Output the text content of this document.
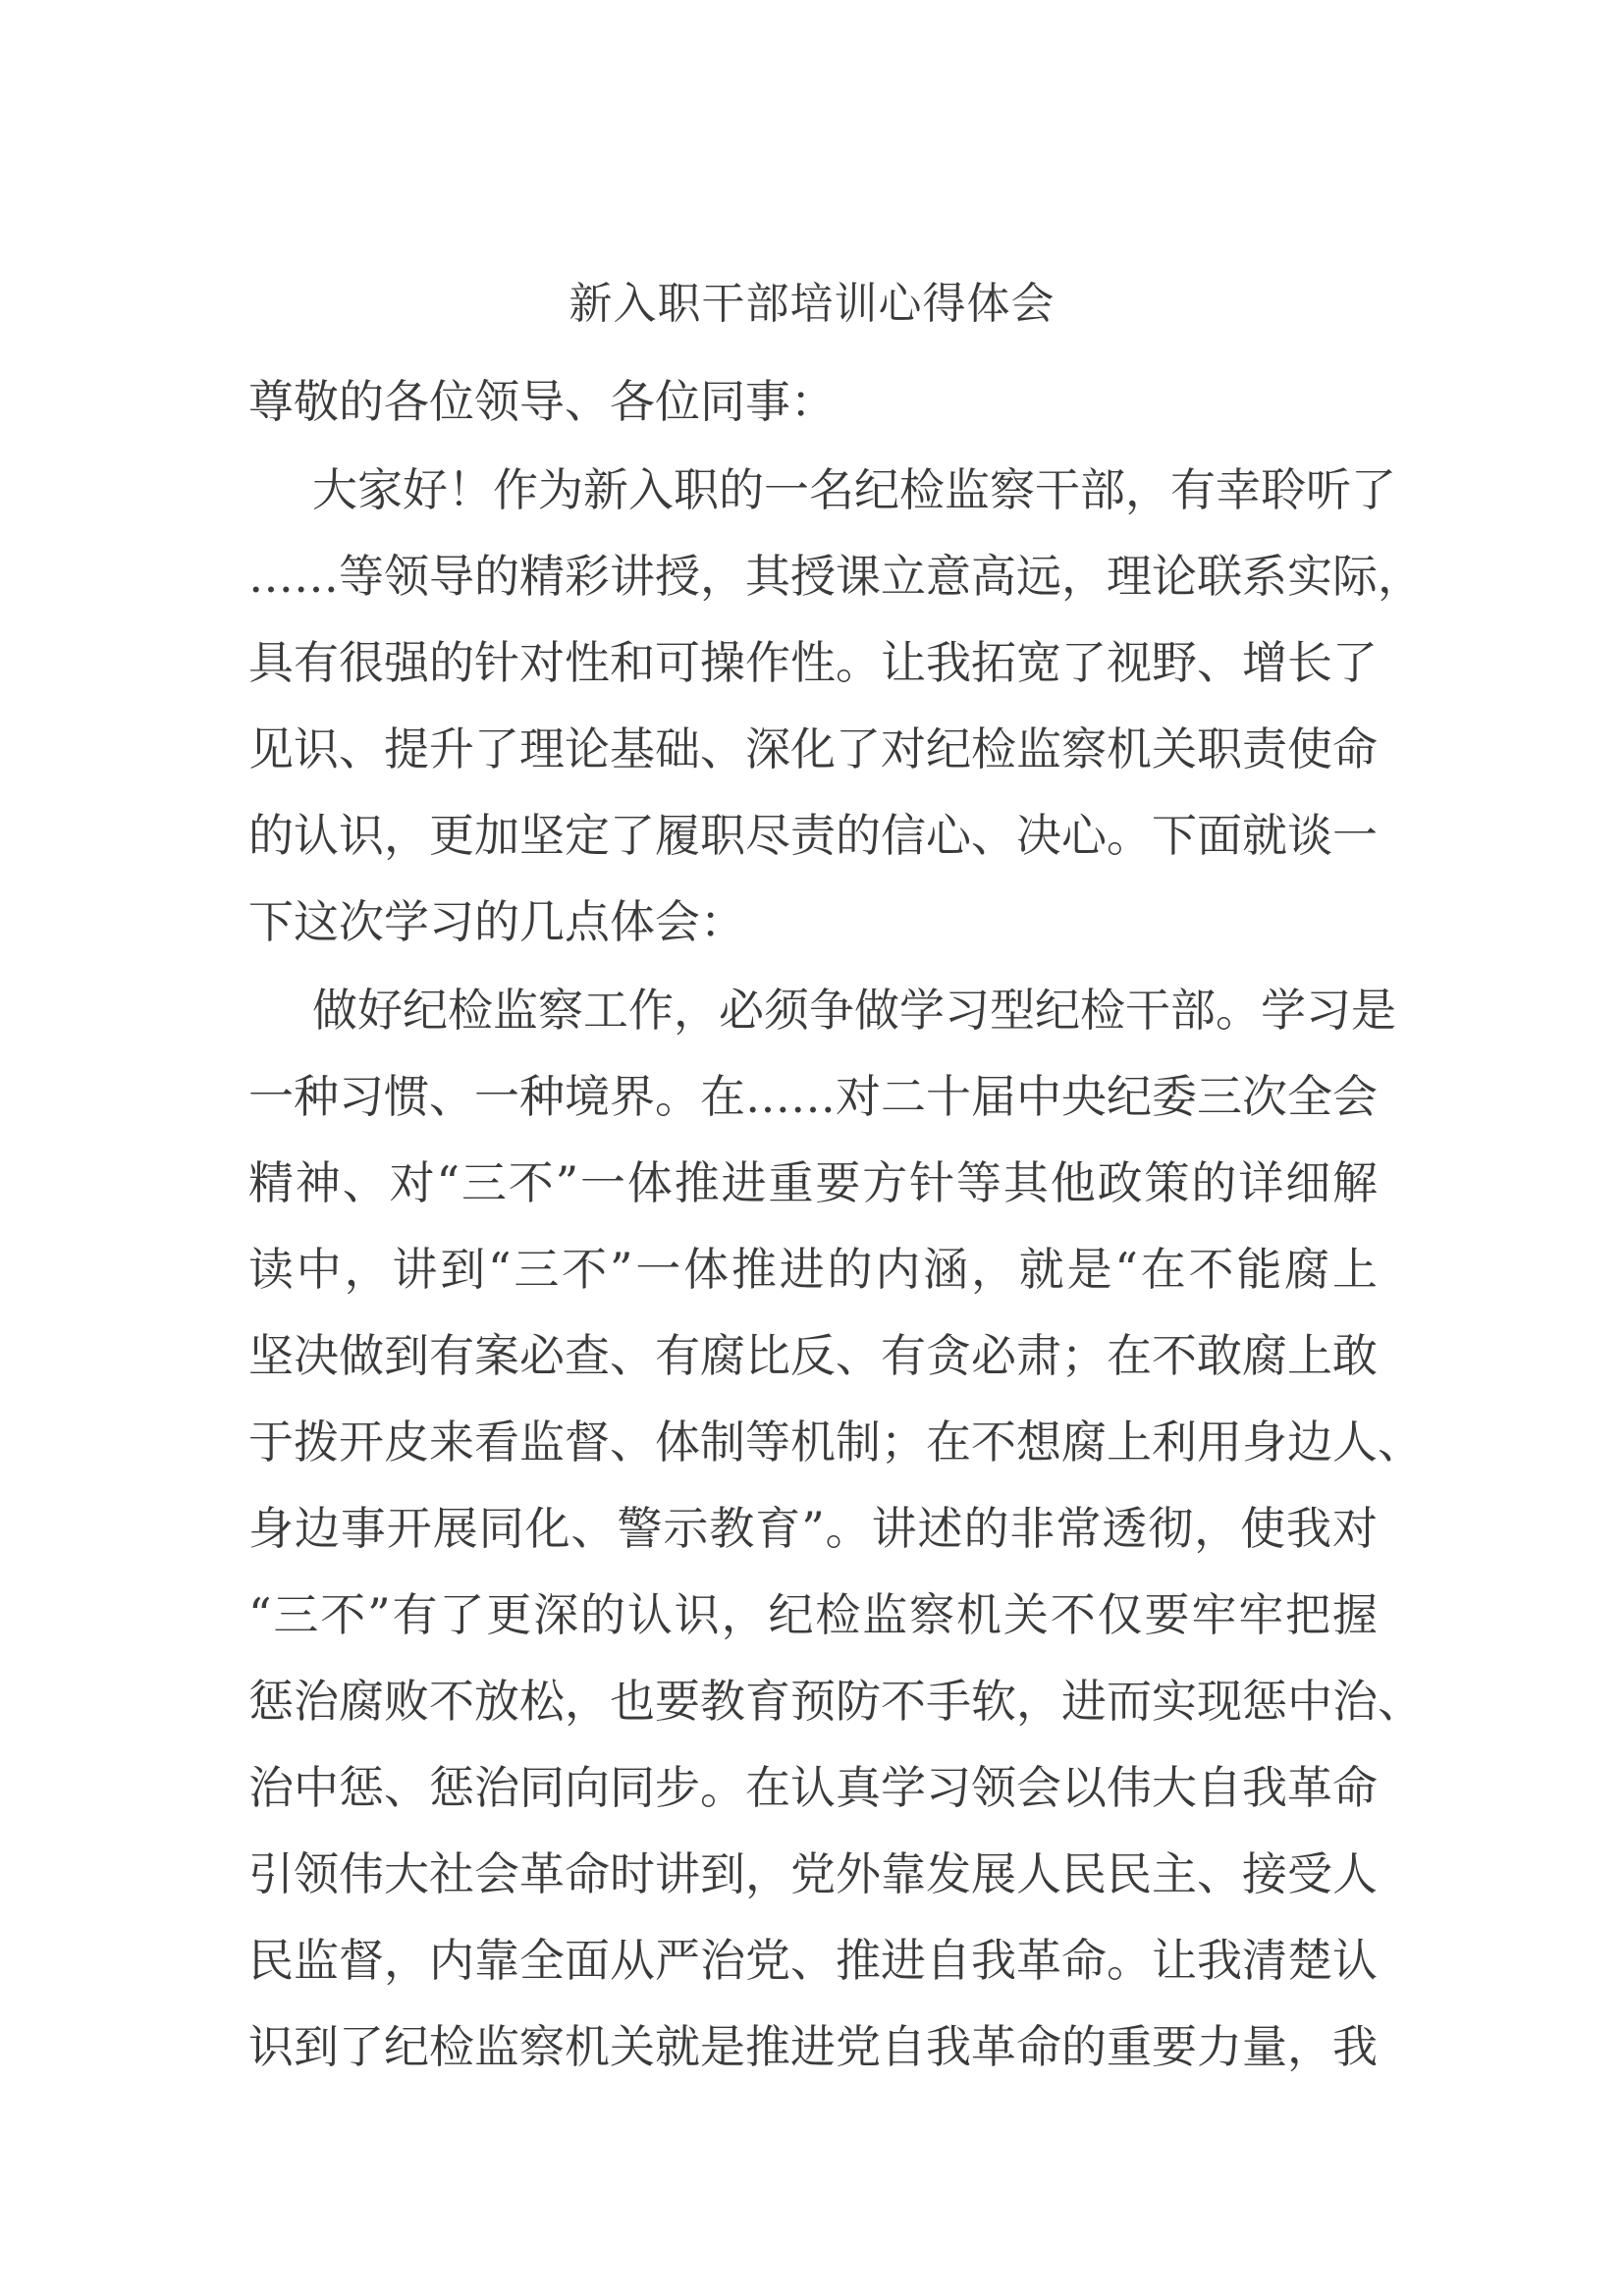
新入职干部培训心得体会
尊敬的各位领导、各位同事：
大家好！作为新入职的一名纪检监察干部，有幸聆听了
……等领导的精彩讲授，其授课立意高远，理论联系实际，
具有很强的针对性和可操作性。让我拓宽了视野、增长了
见识、提升了理论基础、深化了对纪检监察机关职责使命
的认识，更加坚定了履职尽责的信心、决心。下面就谈一
下这次学习的几点体会：
做好纪检监察工作，必须争做学习型纪检干部。学习是
一种习惯、一种境界。在……对二十届中央纪委三次全会
精神、对“三不”一体推进重要方针等其他政策的详细解
读中，讲到“三不”一体推进的内涵，就是“在不能腐上
坚决做到有案必查、有腐比反、有贪必肃；在不敢腐上敢
于拨开皮来看监督、体制等机制；在不想腐上利用身边人、
身边事开展同化、警示教育”。讲述的非常透彻，使我对
“三不”有了更深的认识，纪检监察机关不仅要牢牢把握
惩治腐败不放松，也要教育预防不手软，进而实现惩中治、
治中惩、惩治同向同步。在认真学习领会以伟大自我革命
引领伟大社会革命时讲到，党外靠发展人民民主、接受人
民监督，内靠全面从严治党、推进自我革命。让我清楚认
识到了纪检监察机关就是推进党自我革命的重要力量，我
